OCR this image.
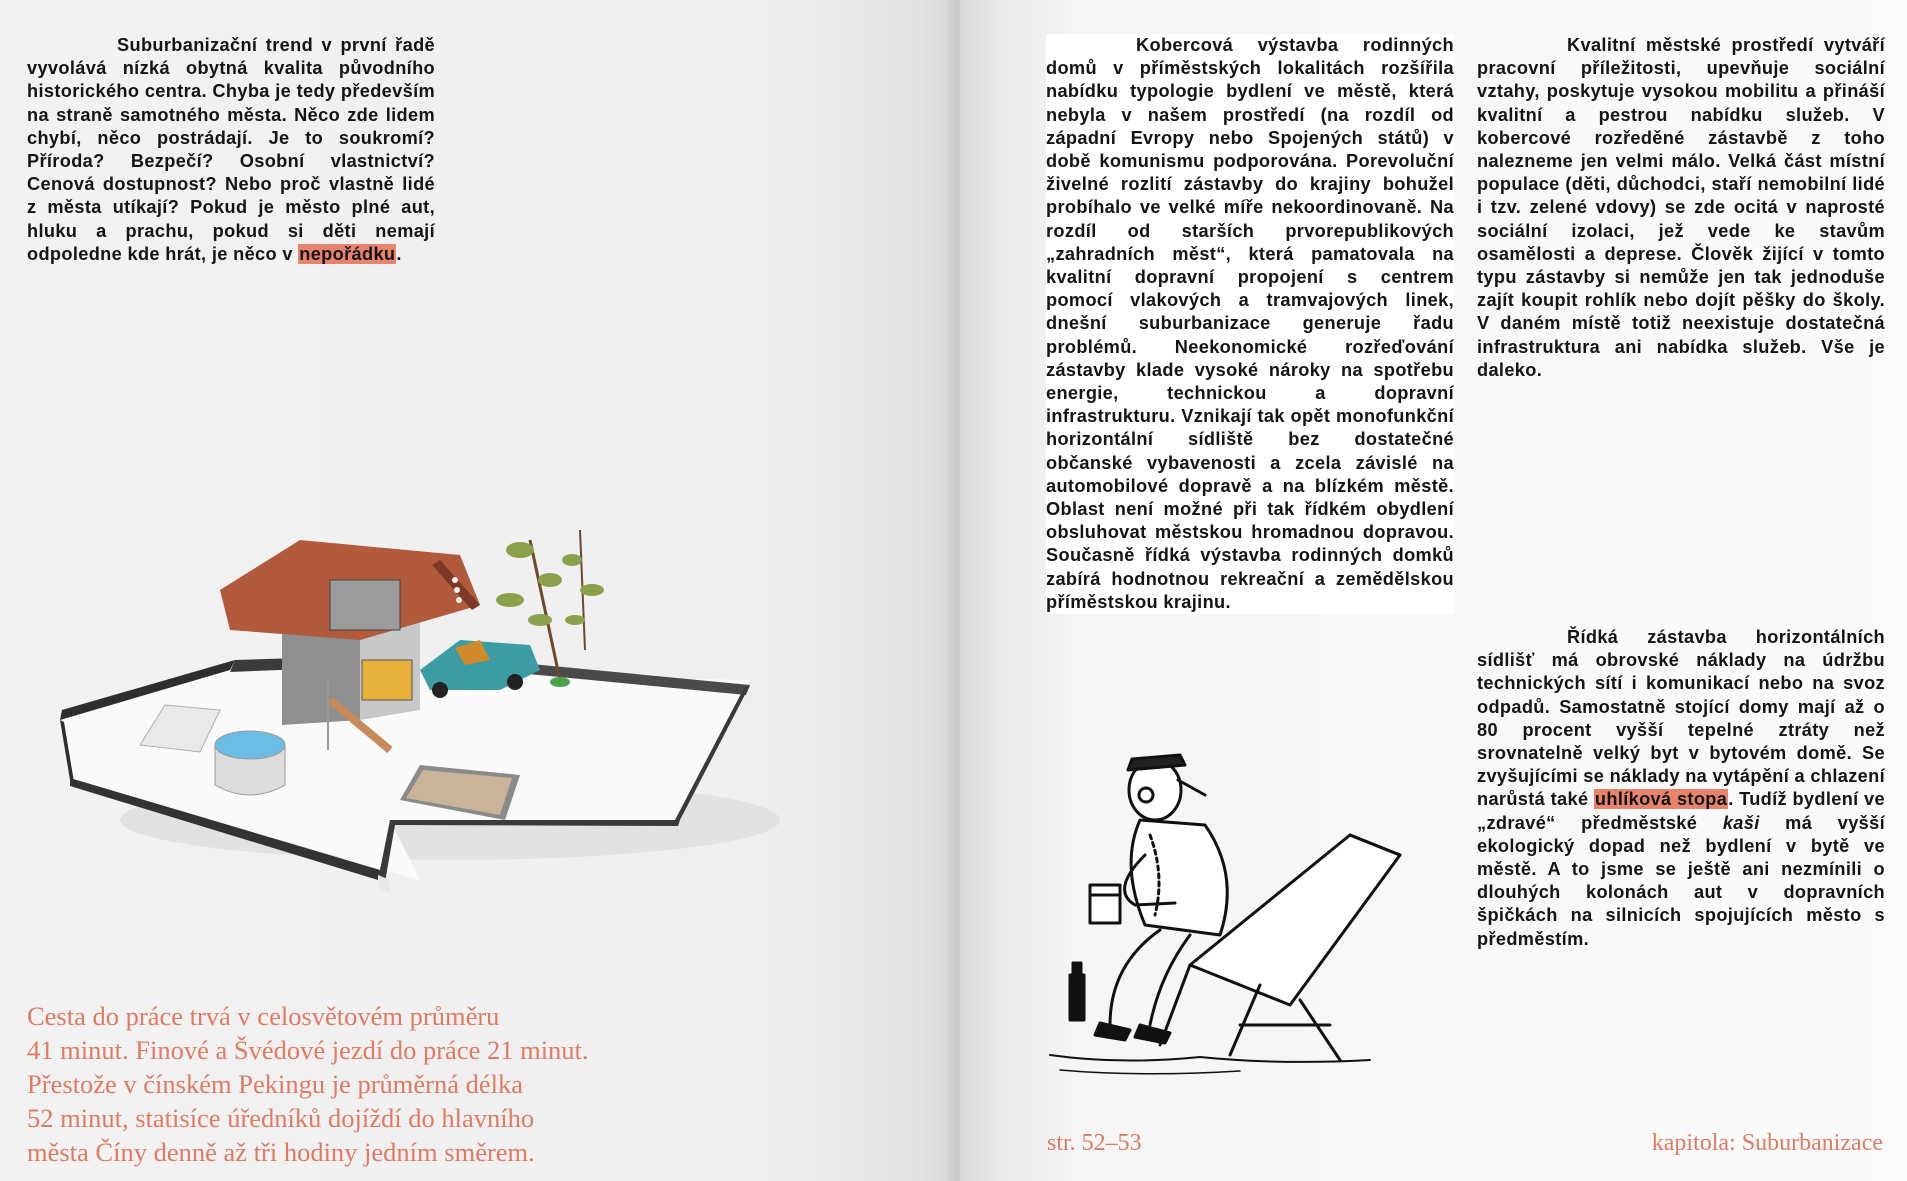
Suburbanizační trend v první řadě vyvolává nízká obytná kvalita původního historického centra. Chyba je tedy především na straně samotného města. Něco zde lidem chybí, něco postrádají. Je to soukromí? Příroda? Bezpečí? Osobní vlastnictví? Cenová dostupnost? Nebo proč vlastně lidé z města utíkají? Pokud je město plné aut, hluku a prachu, pokud si děti nemají odpoledne kde hrát, je něco v nepořádku.

Cesta do práce trvá v celosvětovém průměru
41 minut. Finové a Švédové jezdí do práce 21 minut.
Přestože v čínském Pekingu je průměrná délka
52 minut, statisíce úředníků dojíždí do hlavního
města Číny denně až tři hodiny jedním směrem.

Kobercová výstavba rodinných domů v příměstských lokalitách rozšířila nabídku typologie bydlení ve městě, která nebyla v našem prostředí (na rozdíl od západní Evropy nebo Spojených států) v době komunismu podporována. Porevoluční živelné rozlití zástavby do krajiny bohužel probíhalo ve velké míře nekoordinovaně. Na rozdíl od starších prvorepublikových „zahradních měst“, která pamatovala na kvalitní dopravní propojení s centrem pomocí vlakových a tramvajových linek, dnešní suburbanizace generuje řadu problémů. Neekonomické rozřeďování zástavby klade vysoké nároky na spotřebu energie, technickou a dopravní infrastrukturu. Vznikají tak opět monofunkční horizontální sídliště bez dostatečné občanské vybavenosti a zcela závislé na automobilové dopravě a na blízkém městě. Oblast není možné při tak řídkém obydlení obsluhovat městskou hromadnou dopravou. Současně řídká výstavba rodinných domků zabírá hodnotnou rekreační a zemědělskou příměstskou krajinu.

Kvalitní městské prostředí vytváří pracovní příležitosti, upevňuje sociální vztahy, poskytuje vysokou mobilitu a přináší kvalitní a pestrou nabídku služeb. V kobercové rozředěné zástavbě z toho nalezneme jen velmi málo. Velká část místní populace (děti, důchodci, staří nemobilní lidé i tzv. zelené vdovy) se zde ocitá v naprosté sociální izolaci, jež vede ke stavům osamělosti a deprese. Člověk žijící v tomto typu zástavby si nemůže jen tak jednoduše zajít koupit rohlík nebo dojít pěšky do školy. V daném místě totiž neexistuje dostatečná infrastruktura ani nabídka služeb. Vše je daleko.

Řídká zástavba horizontálních sídlišť má obrovské náklady na údržbu technických sítí i komunikací nebo na svoz odpadů. Samostatně stojící domy mají až o 80 procent vyšší tepelné ztráty než srovnatelně velký byt v bytovém domě. Se zvyšujícími se náklady na vytápění a chlazení narůstá také uhlíková stopa. Tudíž bydlení ve „zdravé“ předměstské kaši má vyšší ekologický dopad než bydlení v bytě ve městě. A to jsme se ještě ani nezmínili o dlouhých kolonách aut v dopravních špičkách na silnicích spojujících město s předměstím.

str. 52–53	kapitola: Suburbanizace
